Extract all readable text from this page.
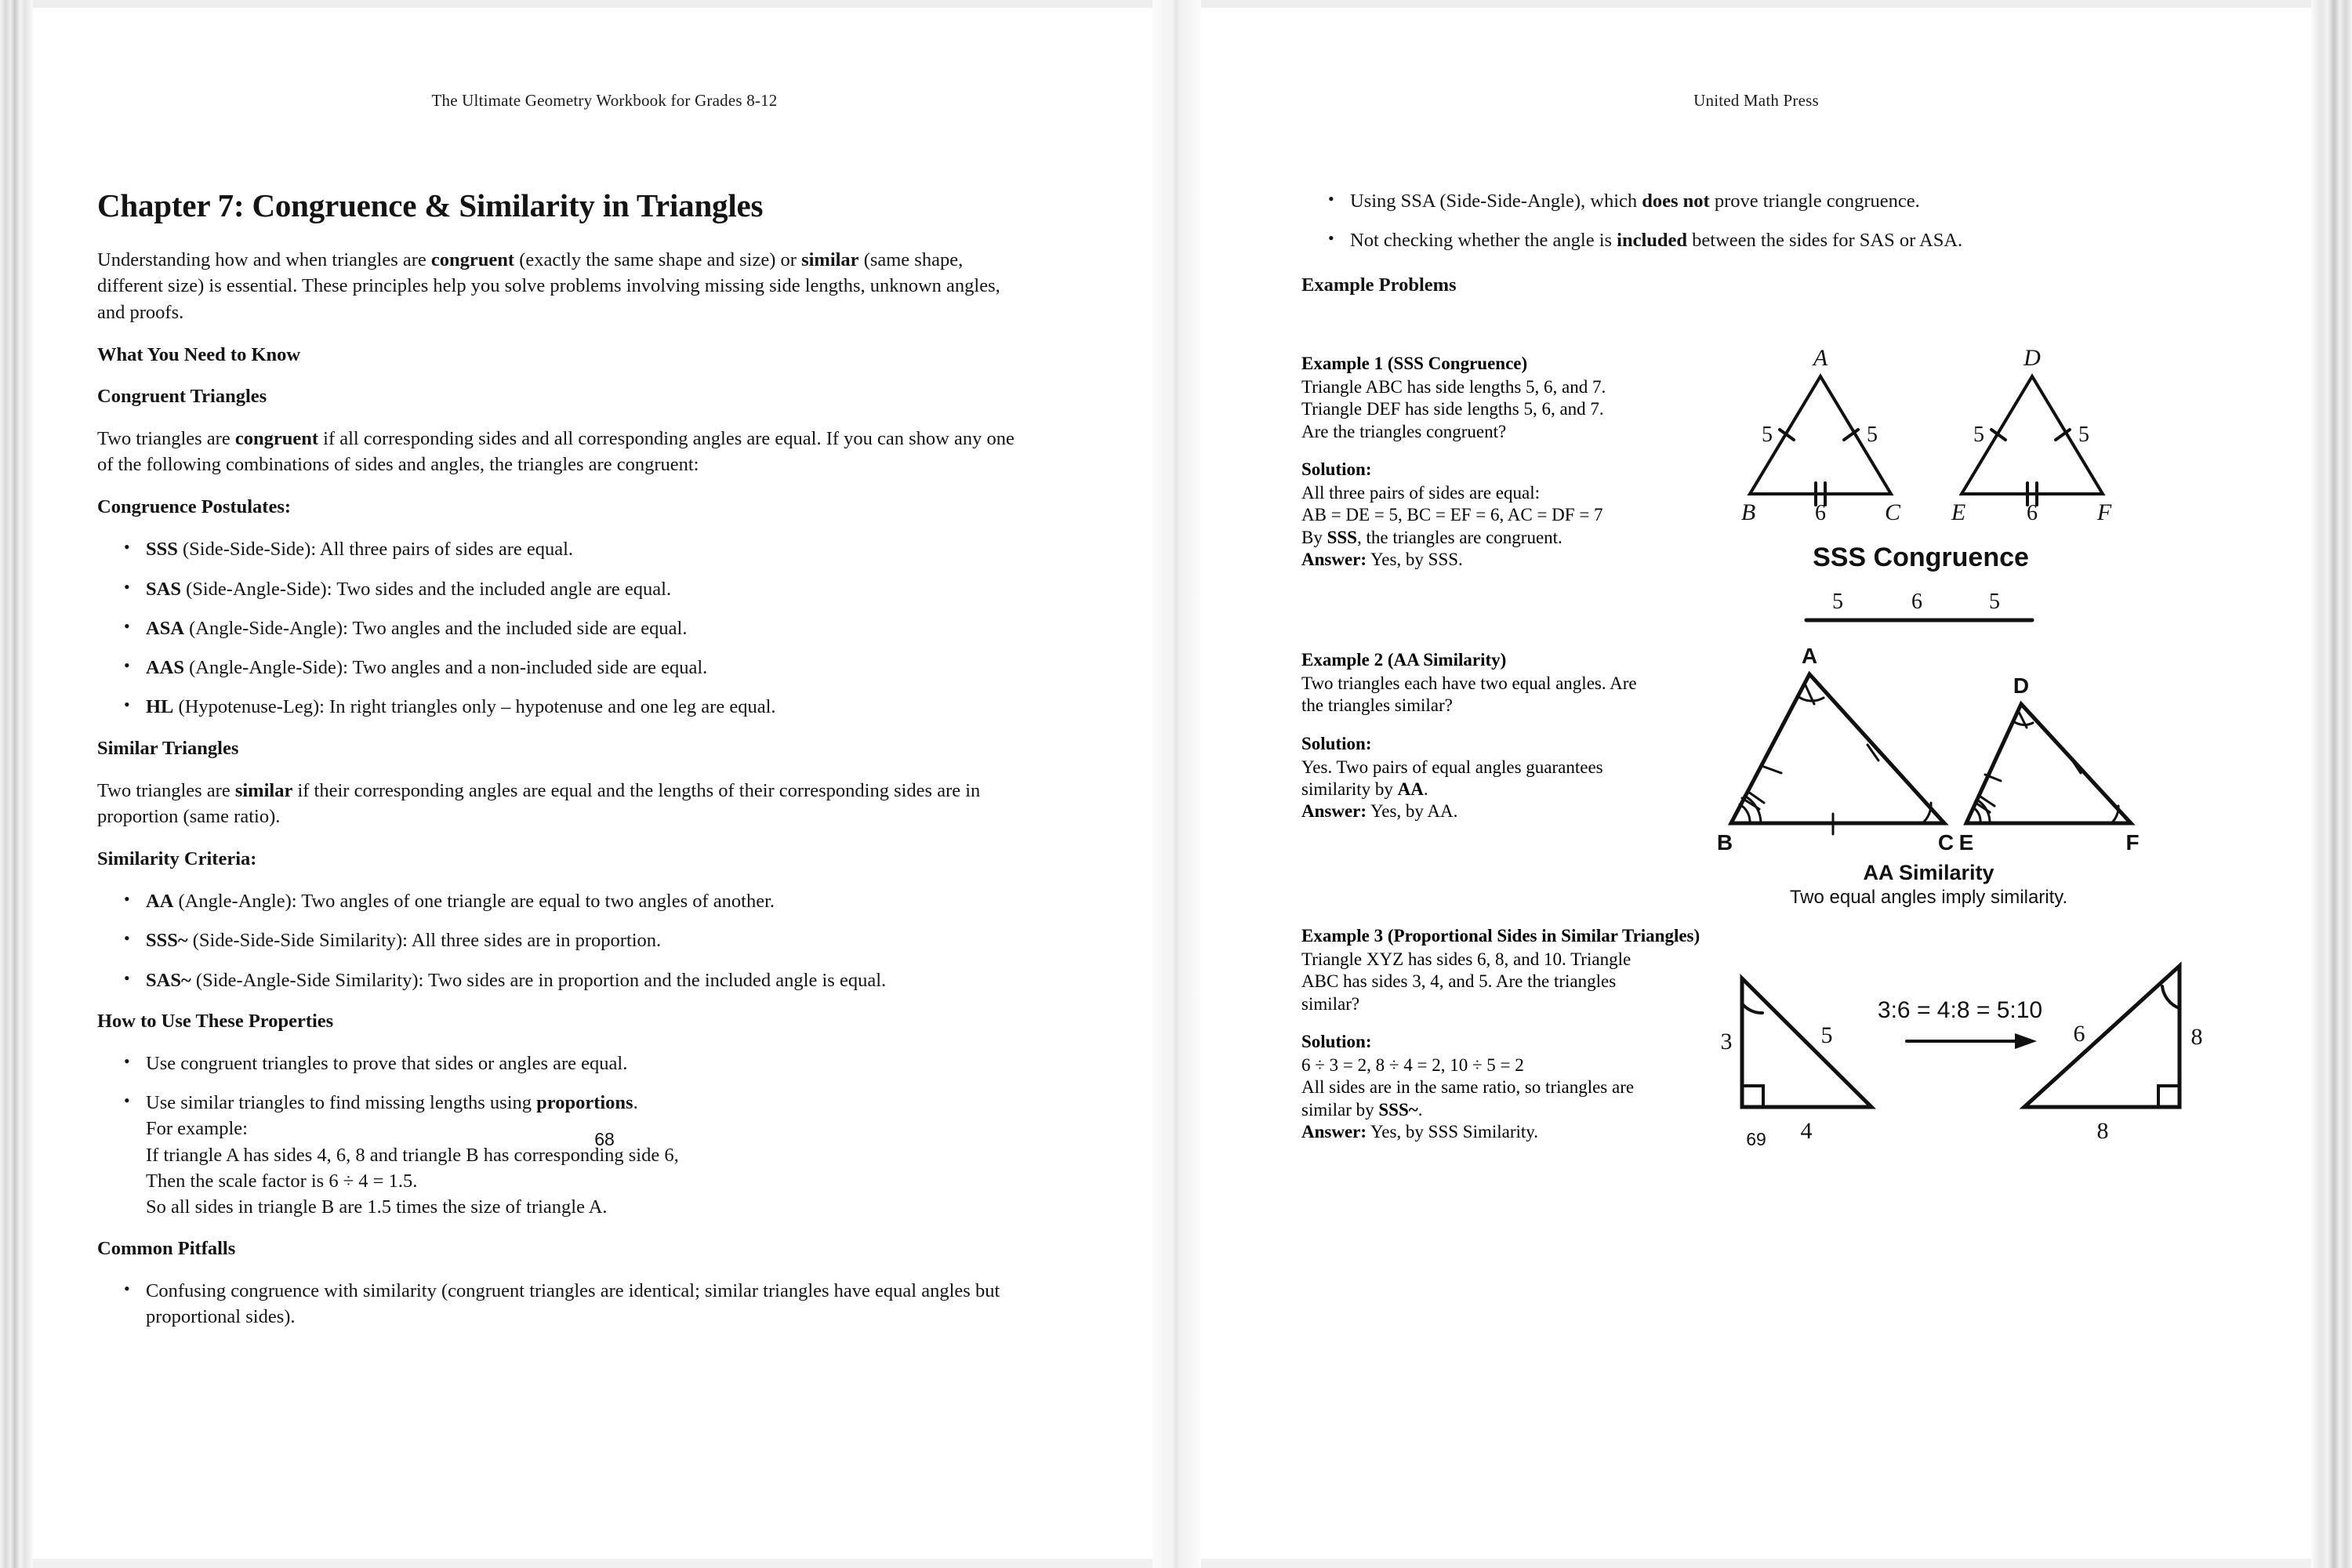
The Ultimate Geometry Workbook for Grades 8-12
Chapter 7: Congruence & Similarity in Triangles

Understanding how and when triangles are congruent (exactly the same shape and size) or similar (same shape, different size) is essential. These principles help you solve problems involving missing side lengths, unknown angles, and proofs.

What You Need to Know
Congruent Triangles

Two triangles are congruent if all corresponding sides and all corresponding angles are equal. If you can show any one of the following combinations of sides and angles, the triangles are congruent:

Congruence Postulates:
• SSS (Side-Side-Side): All three pairs of sides are equal.
• SAS (Side-Angle-Side): Two sides and the included angle are equal.
• ASA (Angle-Side-Angle): Two angles and the included side are equal.
• AAS (Angle-Angle-Side): Two angles and a non-included side are equal.
• HL (Hypotenuse-Leg): In right triangles only – hypotenuse and one leg are equal.
Similar Triangles

Two triangles are similar if their corresponding angles are equal and the lengths of their corresponding sides are in proportion (same ratio).

Similarity Criteria:
• AA (Angle-Angle): Two angles of one triangle are equal to two angles of another.
• SSS~ (Side-Side-Side Similarity): All three sides are in proportion.
• SAS~ (Side-Angle-Side Similarity): Two sides are in proportion and the included angle is equal.
How to Use These Properties
• Use congruent triangles to prove that sides or angles are equal.
• Use similar triangles to find missing lengths using proportions.
For example:
If triangle A has sides 4, 6, 8 and triangle B has corresponding side 6,
Then the scale factor is 6 ÷ 4 = 1.5.
So all sides in triangle B are 1.5 times the size of triangle A.
Common Pitfalls
• Confusing congruence with similarity (congruent triangles are identical; similar triangles have equal angles but proportional sides).
68
United Math Press
• Using SSA (Side-Side-Angle), which does not prove triangle congruence.
• Not checking whether the angle is included between the sides for SAS or ASA.
Example Problems
Example 1 (SSS Congruence)
Triangle ABC has side lengths 5, 6, and 7.
Triangle DEF has side lengths 5, 6, and 7.
Are the triangles congruent?
Solution:
All three pairs of sides are equal:
AB = DE = 5, BC = EF = 6, AC = DF = 7
By SSS, the triangles are congruent.
Answer: Yes, by SSS.
A
B	C
D
E	F
5	5
6
5	5
6
SSS Congruence
5	6	5
Example 2 (AA Similarity)
Two triangles each have two equal angles. Are
the triangles similar?
Solution:
Yes. Two pairs of equal angles guarantees
similarity by AA.
Answer: Yes, by AA.
A
B	C
D
E	F
AA Similarity
Two equal angles imply similarity.
Example 3 (Proportional Sides in Similar Triangles)
Triangle XYZ has sides 6, 8, and 10. Triangle
ABC has sides 3, 4, and 5. Are the triangles
similar?
Solution:
6 ÷ 3 = 2, 8 ÷ 4 = 2, 10 ÷ 5 = 2
All sides are in the same ratio, so triangles are
similar by SSS~.
Answer: Yes, by SSS Similarity.
3
4
5	8
8
6
3:6 = 4:8 = 5:10
69
